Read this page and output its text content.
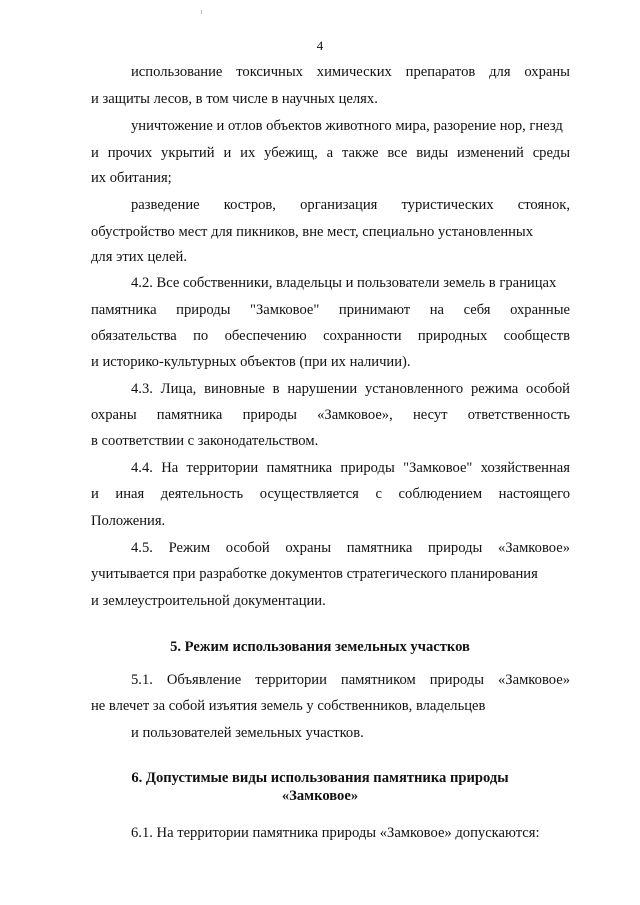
4
использование токсичных химических препаратов для охраны
и защиты лесов, в том числе в научных целях.
уничтожение и отлов объектов животного мира, разорение нор, гнезд
и прочих укрытий и их убежищ, а также все виды изменений среды
их обитания;
разведение костров, организация туристических стоянок,
обустройство мест для пикников, вне мест, специально установленных
для этих целей.
4.2. Все собственники, владельцы и пользователи земель в границах
памятника природы "Замковое" принимают на себя охранные
обязательства по обеспечению сохранности природных сообществ
и историко-культурных объектов (при их наличии).
4.3. Лица, виновные в нарушении установленного режима особой
охраны памятника природы «Замковое», несут ответственность
в соответствии с законодательством.
4.4. На территории памятника природы "Замковое" хозяйственная
и иная деятельность осуществляется с соблюдением настоящего
Положения.
4.5. Режим особой охраны памятника природы «Замковое»
учитывается при разработке документов стратегического планирования
и землеустроительной документации.
5. Режим использования земельных участков
5.1. Объявление территории памятником природы «Замковое»
не влечет за собой изъятия земель у собственников, владельцев
и пользователей земельных участков.
6. Допустимые виды использования памятника природы
«Замковое»
6.1. На территории памятника природы «Замковое» допускаются:
